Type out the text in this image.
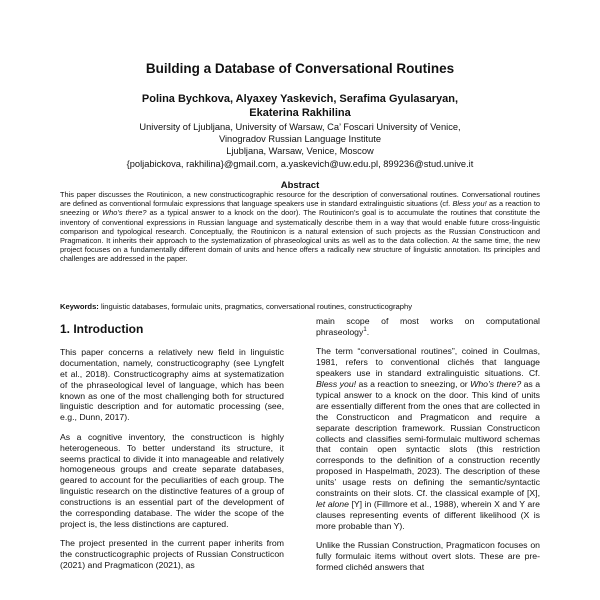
Building a Database of Conversational Routines
Polina Bychkova, Alyaxey Yaskevich, Serafima Gyulasaryan,
Ekaterina Rakhilina
University of Ljubljana, University of Warsaw, Ca’ Foscari University of Venice,
Vinogradov Russian Language Institute
Ljubljana, Warsaw, Venice, Moscow
{poljabickova, rakhilina}@gmail.com, a.yaskevich@uw.edu.pl, 899236@stud.unive.it
Abstract
This paper discusses the Routinicon, a new constructicographic resource for the description of conversational routines. Conversational routines are defined as conventional formulaic expressions that language speakers use in standard extralinguistic situations (cf. Bless you! as a reaction to sneezing or Who’s there? as a typical answer to a knock on the door). The Routinicon’s goal is to accumulate the routines that constitute the inventory of conventional expressions in Russian language and systematically describe them in a way that would enable future cross-linguistic comparison and typological research. Conceptually, the Routinicon is a natural extension of such projects as the Russian Constructicon and Pragmaticon. It inherits their approach to the systematization of phraseological units as well as to the data collection. At the same time, the new project focuses on a fundamentally different domain of units and hence offers a radically new structure of linguistic annotation. Its principles and challenges are addressed in the paper.
Keywords: linguistic databases, formulaic units, pragmatics, conversational routines, constructicography
1. Introduction

This paper concerns a relatively new field in linguistic documentation, namely, constructicography (see Lyngfelt et al., 2018). Constructicography aims at systematization of the phraseological level of language, which has been known as one of the most challenging both for structured linguistic description and for automatic processing (see, e.g., Dunn, 2017).

As a cognitive inventory, the constructicon is highly heterogeneous. To better understand its structure, it seems practical to divide it into manageable and relatively homogeneous groups and create separate databases, geared to account for the peculiarities of each group. The linguistic research on the distinctive features of a group of constructions is an essential part of the development of the corresponding database. The wider the scope of the project is, the less distinctions are captured.

The project presented in the current paper inherits from the constructicographic projects of Russian Constructicon (2021) and Pragmaticon (2021), as

main scope of most works on computational phraseology$^1$.

The term “conversational routines”, coined in Coulmas, 1981, refers to conventional clichés that language speakers use in standard extralinguistic situations. Cf. Bless you! as a reaction to sneezing, or Who’s there? as a typical answer to a knock on the door. This kind of units are essentially different from the ones that are collected in the Constructicon and Pragmaticon and require a separate description framework. Russian Constructicon collects and classifies semi-formulaic multiword schemas that contain open syntactic slots (this restriction corresponds to the definition of a construction recently proposed in Haspelmath, 2023). The description of these units’ usage rests on defining the semantic/syntactic constraints on their slots. Cf. the classical example of [X], let alone [Y] in (Fillmore et al., 1988), wherein X and Y are clauses representing events of different likelihood (X is more probable than Y).

Unlike the Russian Construction, Pragmaticon focuses on fully formulaic items without overt slots. These are pre-formed clichéd answers that
